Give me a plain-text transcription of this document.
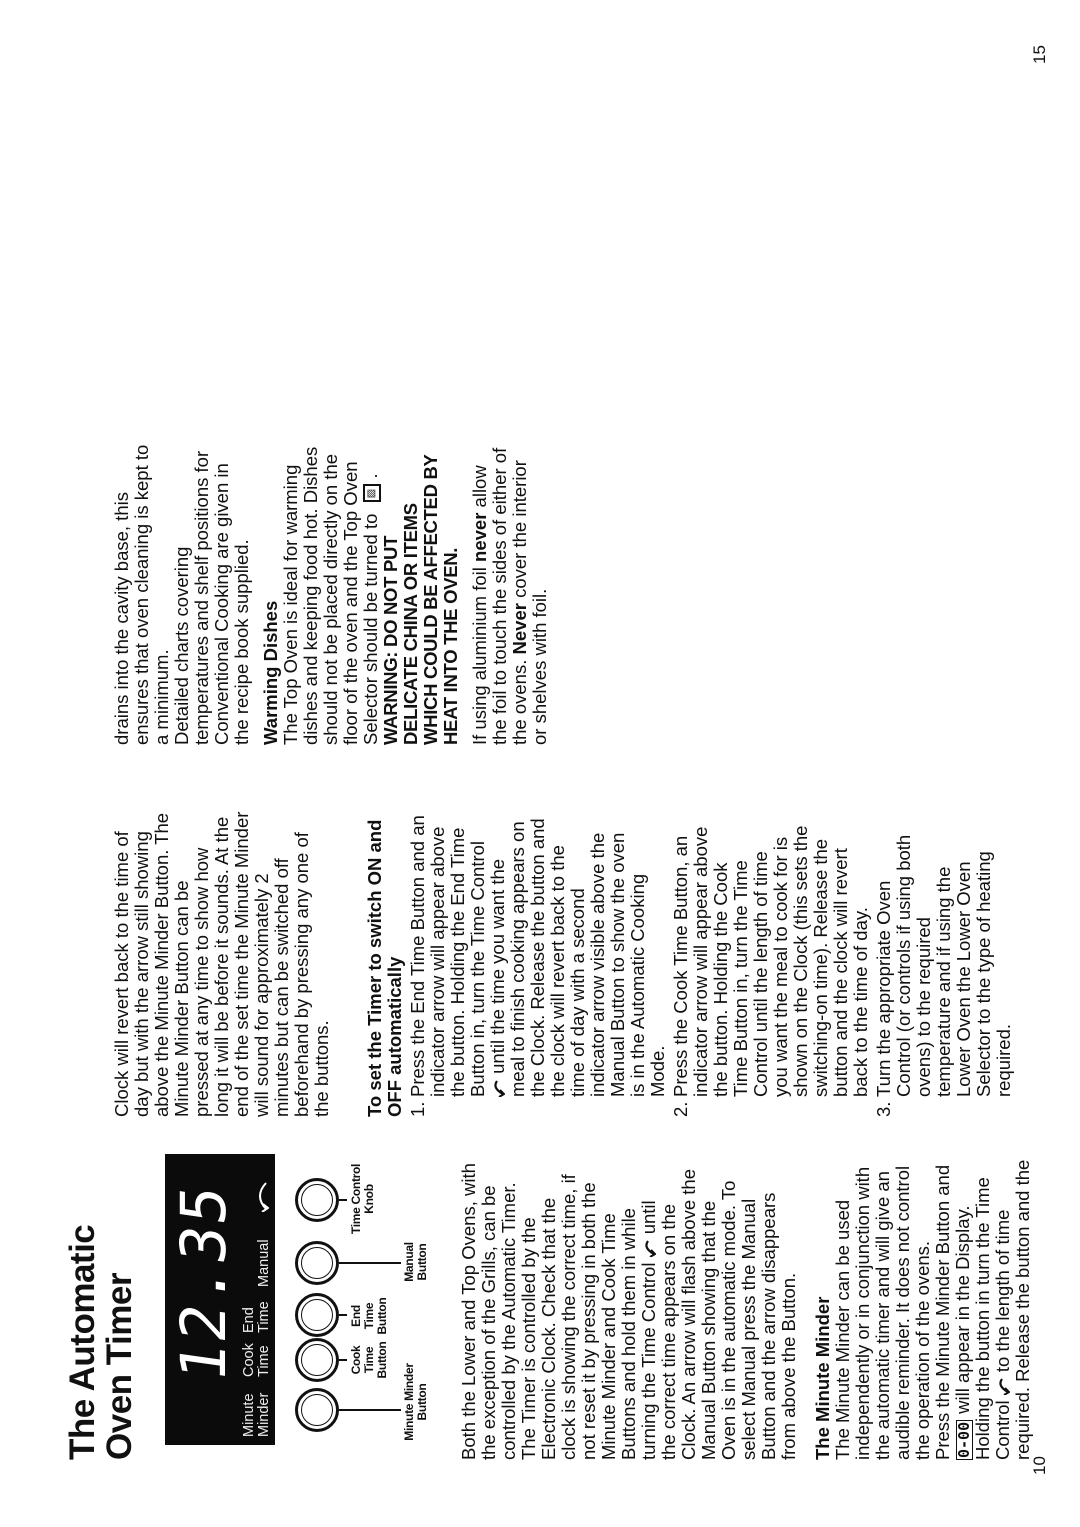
The Automatic
Oven Timer 12.35
Minute Minder
Cook Time
End Time
Manual
Minute Minder Button
Cook Time Button
End Time Button
Manual Button
Time Control Knob	Both the Lower and Top Ovens, with the exception of the Grills, can be controlled by the Automatic Timer. The Timer is controlled by the Electronic Clock. Check that the clock is showing the correct time, if not reset it by pressing in both the Minute Minder and Cook Time Buttons and hold them in while turning the Time Control  until the correct time appears on the Clock. An arrow will flash above the Manual Button showing that the Oven is in the automatic mode. To select Manual press the Manual Button and the arrow disappears from above the Button. The Minute Minder The Minute Minder can be used independently or in conjunction with the automatic timer and will give an audible reminder. It does not control the operation of the ovens. Press the Minute Minder Button and 0-00will appear in the Display. Holding the button in turn the Time Control  to the length of time required. Release the button and the
Clock will revert back to the time of day but with the arrow still showing above the Minute Minder Button. The Minute Minder Button can be pressed at any time to show how long it will be before it sounds. At the end of the set time the Minute Minder will sound for approximately 2 minutes but can be switched off beforehand by pressing any one of the buttons. To set the Timer to switch ON and OFF automatically 1.
Press the End Time Button and an indicator arrow will appear above the button. Holding the End Time Button in, turn the Time Control until the time you want the meal to finish cooking appears on the Clock. Release the button and the clock will revert back to the time of day with a second indicator arrow visible above the Manual Button to show the oven is in the Automatic Cooking Mode.
2.
Press the Cook Time Button, an indicator arrow will appear above the button. Holding the Cook Time Button in, turn the Time Control until the length of time you want the meal to cook for is shown on the Clock (this sets the switching-on time). Release the button and the clock will revert back to the time of day.
3.
Turn the appropriate Oven Control (or controls if using both ovens) to the required temperature and if using the Lower Oven the Lower Oven Selector to the type of heating required.
drains into the cavity base, this ensures that oven cleaning is kept to a minimum. Detailed charts covering temperatures and shelf positions for Conventional Cooking are given in the recipe book supplied. Warming Dishes The Top Oven is ideal for warming dishes and keeping food hot. Dishes should not be placed directly on the floor of the oven and the Top Oven Selector should be turned to ▨.
WARNING: DO NOT PUT DELICATE CHINA OR ITEMS WHICH COULD BE AFFECTED BY HEAT INTO THE OVEN. If using aluminium foil never allow the foil to touch the sides of either of the ovens. Never cover the interior
or shelves with foil.
10
15
